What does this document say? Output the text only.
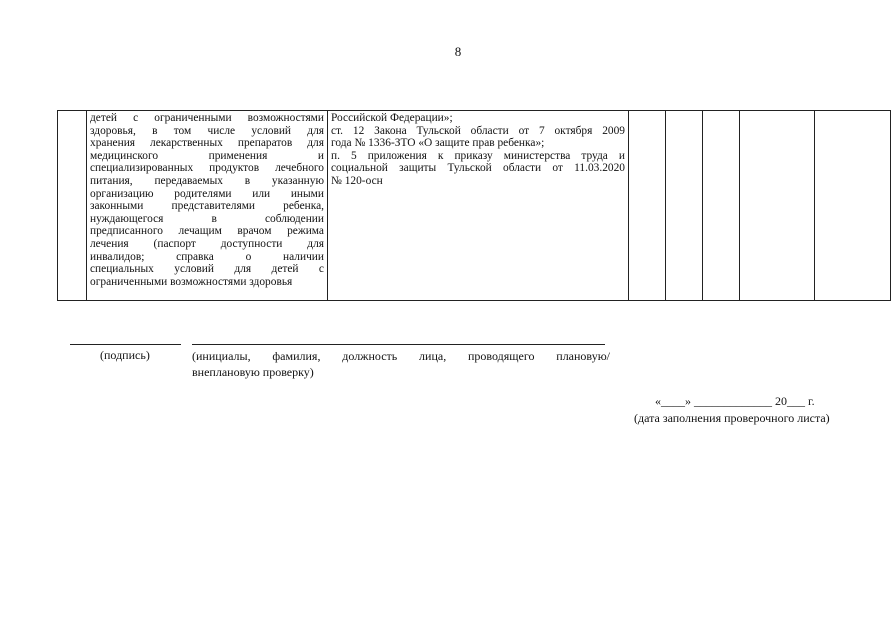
8

детей с ограниченными возможностями
здоровья, в том числе условий для
хранения лекарственных препаратов для
медицинского применения и
специализированных продуктов лечебного
питания, передаваемых в указанную
организацию родителями или иными
законными представителями ребенка,
нуждающегося в соблюдении
предписанного лечащим врачом режима
лечения (паспорт доступности для
инвалидов; справка о наличии
специальных условий для детей с
ограниченными возможностями здоровья

Российской Федерации»;
ст. 12 Закона Тульской области от 7 октября 2009
года № 1336-ЗТО «О защите прав ребенка»;
п. 5 приложения к приказу министерства труда и
социальной защиты Тульской области от 11.03.2020
№ 120-осн

(подпись)	(инициалы, фамилия, должность лица, проводящего плановую/
внеплановую проверку)
«____» _____________ 20___ г.
(дата заполнения проверочного листа)
